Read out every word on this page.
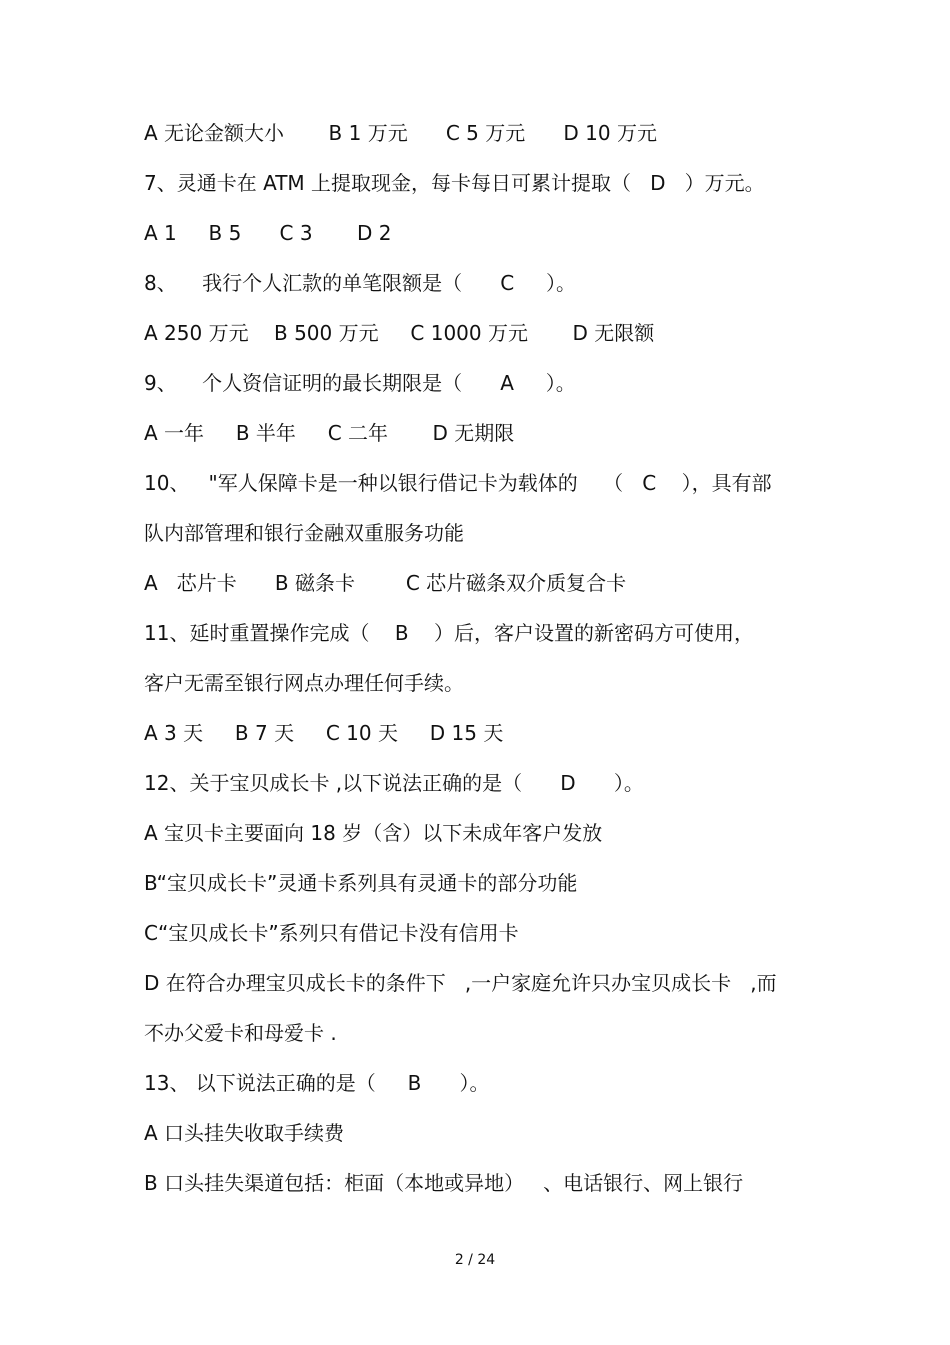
A 无论金额大小       B 1 万元      C 5 万元      D 10 万元
7、灵通卡在 ATM 上提取现金，每卡每日可累计提取（   D   ）万元。
A 1     B 5      C 3       D 2
8、    我行个人汇款的单笔限额是（      C     ）。
A 250 万元    B 500 万元     C 1000 万元       D 无限额
9、    个人资信证明的最长期限是（      A     ）。
A 一年     B 半年     C 二年       D 无期限
10、   "军人保障卡是一种以银行借记卡为载体的    （   C    ），具有部
队内部管理和银行金融双重服务功能
A   芯片卡      B 磁条卡        C 芯片磁条双介质复合卡
11、延时重置操作完成（    B    ）后，客户设置的新密码方可使用，
客户无需至银行网点办理任何手续。
A 3 天     B 7 天     C 10 天     D 15 天
12、关于宝贝成长卡 ,以下说法正确的是（      D      ）。
A 宝贝卡主要面向 18 岁（含）以下未成年客户发放
B“宝贝成长卡”灵通卡系列具有灵通卡的部分功能
C“宝贝成长卡”系列只有借记卡没有信用卡
D 在符合办理宝贝成长卡的条件下   ,一户家庭允许只办宝贝成长卡   ,而
不办父爱卡和母爱卡 .
13、 以下说法正确的是（     B      ）。
A 口头挂失收取手续费
B 口头挂失渠道包括：柜面（本地或异地）   、电话银行、网上银行
2 / 24
